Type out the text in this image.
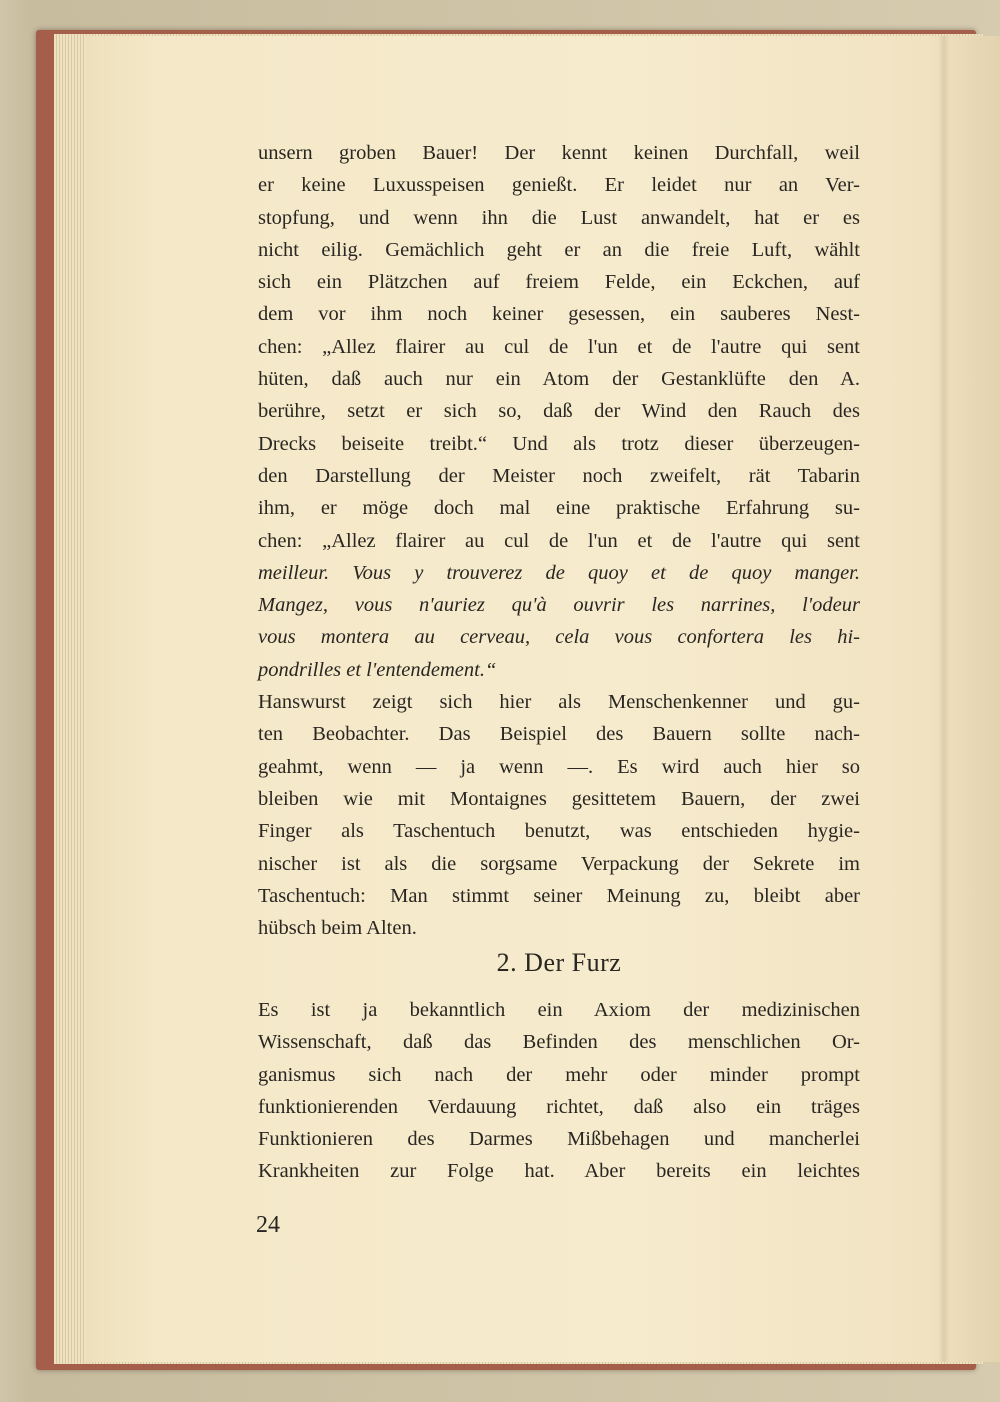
unsern groben Bauer! Der kennt keinen Durchfall, weil
er keine Luxusspeisen genießt. Er leidet nur an Ver-
stopfung, und wenn ihn die Lust anwandelt, hat er es
nicht eilig. Gemächlich geht er an die freie Luft, wählt
sich ein Plätzchen auf freiem Felde, ein Eckchen, auf
dem vor ihm noch keiner gesessen, ein sauberes Nest-
chen: „Allez flairer au cul de l'un et de l'autre qui sent
hüten, daß auch nur ein Atom der Gestanklüfte den A.
berühre, setzt er sich so, daß der Wind den Rauch des
Drecks beiseite treibt.“ Und als trotz dieser überzeugen-
den Darstellung der Meister noch zweifelt, rät Tabarin
ihm, er möge doch mal eine praktische Erfahrung su-
chen: „Allez flairer au cul de l'un et de l'autre qui sent
meilleur. Vous y trouverez de quoy et de quoy manger.
Mangez, vous n'auriez qu'à ouvrir les narrines, l'odeur
vous montera au cerveau, cela vous confortera les hi-
pondrilles et l'entendement.“
Hanswurst zeigt sich hier als Menschenkenner und gu-
ten Beobachter. Das Beispiel des Bauern sollte nach-
geahmt, wenn — ja wenn —. Es wird auch hier so
bleiben wie mit Montaignes gesittetem Bauern, der zwei
Finger als Taschentuch benutzt, was entschieden hygie-
nischer ist als die sorgsame Verpackung der Sekrete im
Taschentuch: Man stimmt seiner Meinung zu, bleibt aber
hübsch beim Alten.
2. Der Furz
Es ist ja bekanntlich ein Axiom der medizinischen
Wissenschaft, daß das Befinden des menschlichen Or-
ganismus sich nach der mehr oder minder prompt
funktionierenden Verdauung richtet, daß also ein träges
Funktionieren des Darmes Mißbehagen und mancherlei
Krankheiten zur Folge hat. Aber bereits ein leichtes
24
